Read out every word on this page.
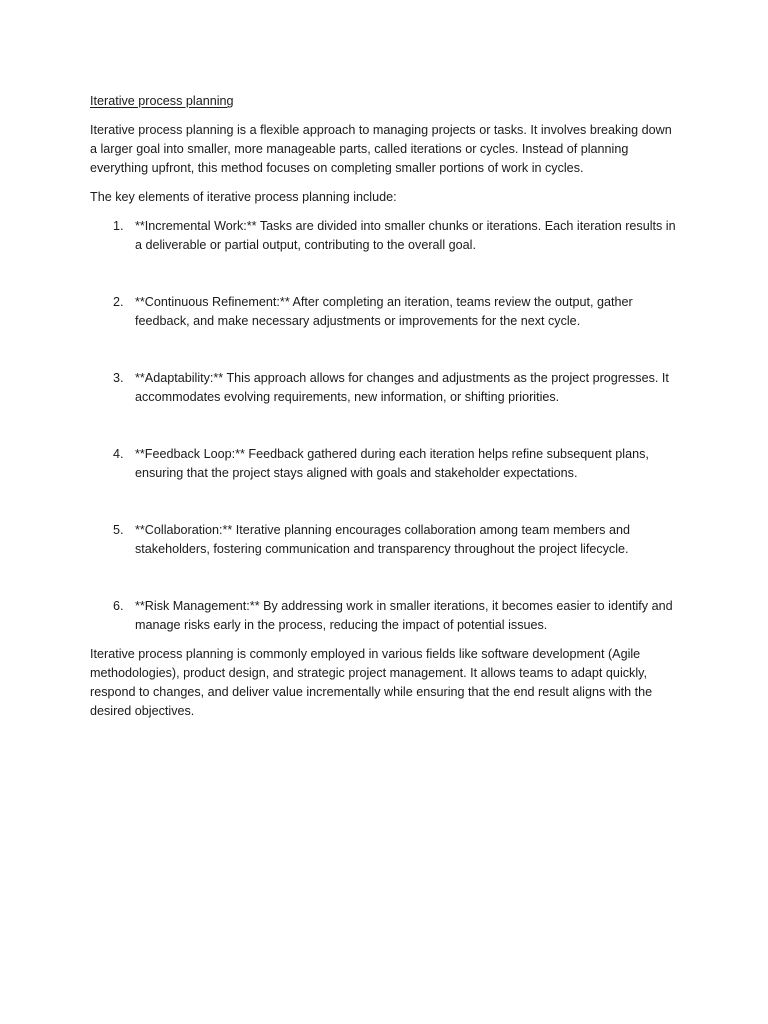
Iterative process planning

Iterative process planning is a flexible approach to managing projects or tasks. It involves breaking down a larger goal into smaller, more manageable parts, called iterations or cycles. Instead of planning everything upfront, this method focuses on completing smaller portions of work in cycles.

The key elements of iterative process planning include:

1. **Incremental Work:** Tasks are divided into smaller chunks or iterations. Each iteration results in a deliverable or partial output, contributing to the overall goal.
2. **Continuous Refinement:** After completing an iteration, teams review the output, gather feedback, and make necessary adjustments or improvements for the next cycle.
3. **Adaptability:** This approach allows for changes and adjustments as the project progresses. It accommodates evolving requirements, new information, or shifting priorities.
4. **Feedback Loop:** Feedback gathered during each iteration helps refine subsequent plans, ensuring that the project stays aligned with goals and stakeholder expectations.
5. **Collaboration:** Iterative planning encourages collaboration among team members and stakeholders, fostering communication and transparency throughout the project lifecycle.
6. **Risk Management:** By addressing work in smaller iterations, it becomes easier to identify and manage risks early in the process, reducing the impact of potential issues.

Iterative process planning is commonly employed in various fields like software development (Agile methodologies), product design, and strategic project management. It allows teams to adapt quickly, respond to changes, and deliver value incrementally while ensuring that the end result aligns with the desired objectives.
